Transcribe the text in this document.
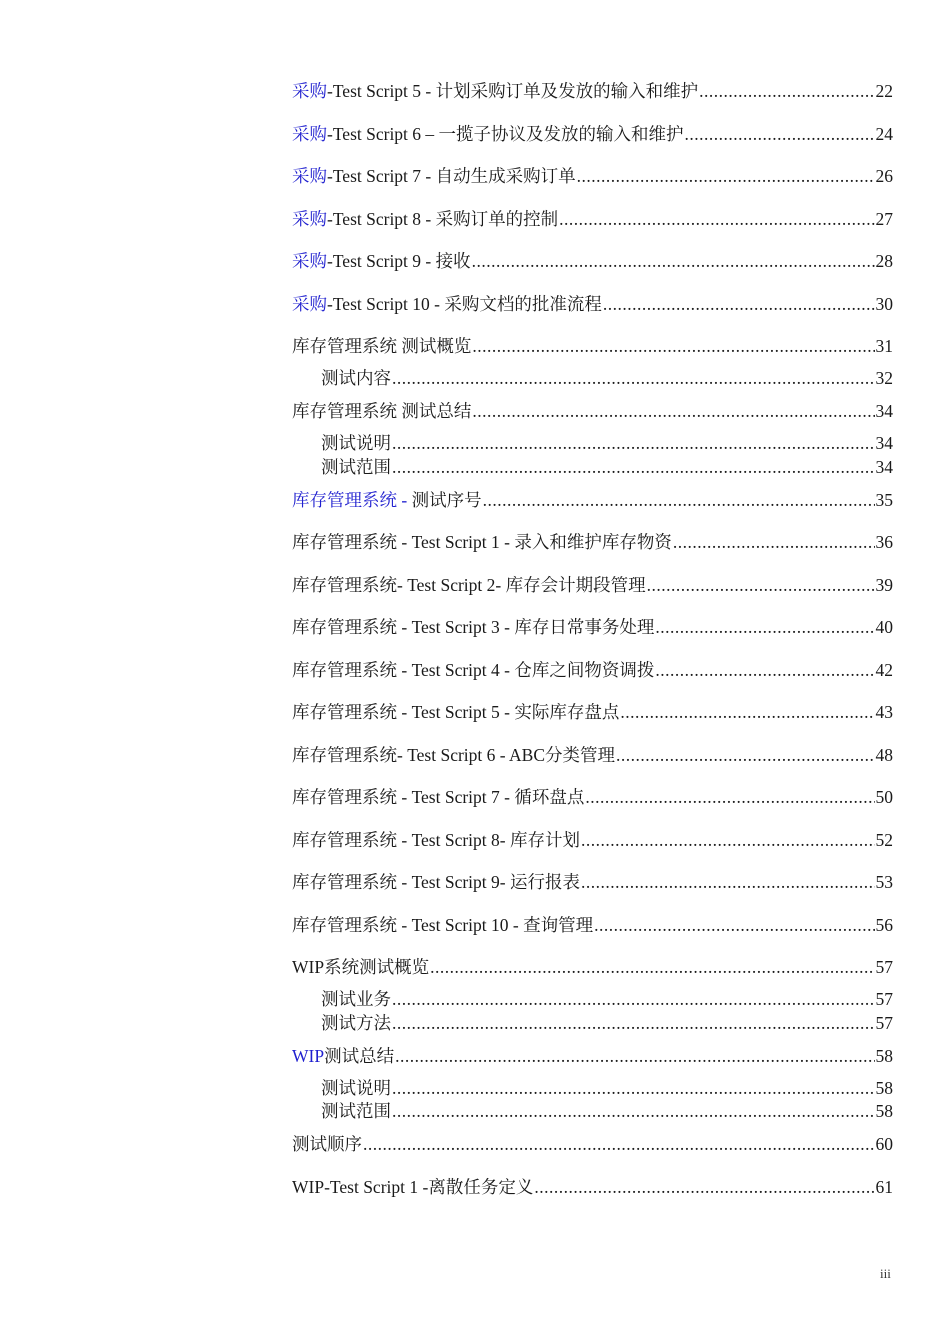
采购-Test Script 5 - 计划采购订单及发放的输入和维护 .....	22
采购-Test Script 6 – 一揽子协议及发放的输入和维护 .....	24
采购-Test Script 7 - 自动生成采购订单 .....	26
采购-Test Script 8 - 采购订单的控制 .....	27
采购-Test Script 9 - 接收 .....	28
采购-Test Script 10 - 采购文档的批准流程 .....	30
库存管理系统 测试概览 .....	31
测试内容 .....	32
库存管理系统 测试总结 .....	34
测试说明 .....	34
测试范围 .....	34
库存管理系统 - 测试序号 .....	35
库存管理系统 - Test Script 1 - 录入和维护库存物资 .....	36
库存管理系统- Test Script 2- 库存会计期段管理 .....	39
库存管理系统 - Test Script 3 - 库存日常事务处理 .....	40
库存管理系统 - Test Script 4 - 仓库之间物资调拨 .....	42
库存管理系统 - Test Script 5 - 实际库存盘点 .....	43
库存管理系统- Test Script 6 - ABC分类管理 .....	48
库存管理系统 - Test Script 7 - 循环盘点 .....	50
库存管理系统 - Test Script 8- 库存计划 .....	52
库存管理系统 - Test Script 9- 运行报表 .....	53
库存管理系统 - Test Script 10 - 查询管理 .....	56
WIP系统测试概览 .....	57
测试业务 .....	57
测试方法 .....	57
WIP测试总结 .....	58
测试说明 .....	58
测试范围 .....	58
测试顺序 .....	60
WIP-Test Script 1 -离散任务定义 .....	61
iii
